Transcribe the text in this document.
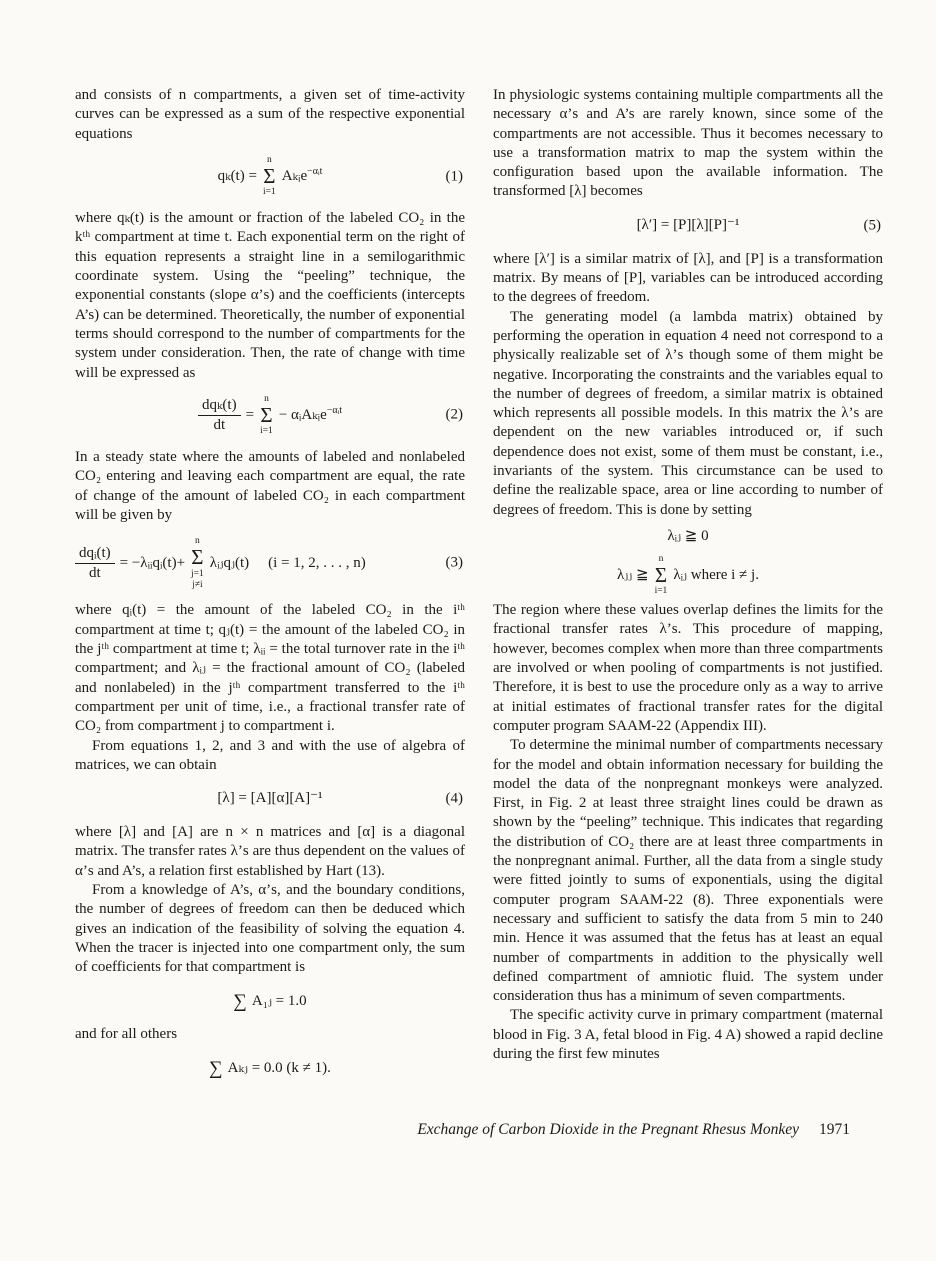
and consists of n compartments, a given set of time-activity curves can be expressed as a sum of the respective exponential equations

qₖ(t) =
n
Σ
i=1
Aₖᵢe$^{-\alpha ᵢt}$	(1)

where qₖ(t) is the amount or fraction of the labeled CO₂ in the kᵗʰ compartment at time t. Each exponential term on the right of this equation represents a straight line in a semilogarithmic coordinate system. Using the “peeling” technique, the exponential constants (slope α’s) and the coefficients (intercepts A’s) can be determined. Theoretically, the number of exponential terms should correspond to the number of compartments for the system under consideration. Then, the rate of change with time will be expressed as

$\frac{\text{dqₖ(t)}}{dt}$ =
n
Σ
i=1
− αᵢAₖᵢe$^{-\alpha ᵢt}$	(2)

In a steady state where the amounts of labeled and nonlabeled CO₂ entering and leaving each compartment are equal, the rate of change of the amount of labeled CO₂ in each compartment will be given by

$\frac{\text{dqᵢ(t)}}{dt}$ = −λᵢᵢqᵢ(t)+
n
Σ
j=1
j≠i
λᵢⱼqⱼ(t) (i = 1, 2, . . . , n)	(3)

where qᵢ(t) = the amount of the labeled CO₂ in the iᵗʰ compartment at time t; qⱼ(t) = the amount of the labeled CO₂ in the jᵗʰ compartment at time t; λᵢᵢ = the total turnover rate in the iᵗʰ compartment; and λᵢⱼ = the fractional amount of CO₂ (labeled and nonlabeled) in the jᵗʰ compartment transferred to the iᵗʰ compartment per unit of time, i.e., a fractional transfer rate of CO₂ from compartment j to compartment i.

From equations 1, 2, and 3 and with the use of algebra of matrices, we can obtain

[λ] = [A][α][A]⁻¹	(4)

where [λ] and [A] are n × n matrices and [α] is a diagonal matrix. The transfer rates λ’s are thus dependent on the values of α’s and A’s, a relation first established by Hart (13).

From a knowledge of A’s, α’s, and the boundary conditions, the number of degrees of freedom can then be deduced which gives an indication of the feasibility of solving the equation 4. When the tracer is injected into one compartment only, the sum of coefficients for that compartment is

∑ A₁ⱼ = 1.0

and for all others

∑ Aₖⱼ = 0.0 (k ≠ 1).

In physiologic systems containing multiple compartments all the necessary α’s and A’s are rarely known, since some of the compartments are not accessible. Thus it becomes necessary to use a transformation matrix to map the system within the configuration based upon the available information. The transformed [λ] becomes

[λ′] = [P][λ][P]⁻¹	(5)

where [λ′] is a similar matrix of [λ], and [P] is a transformation matrix. By means of [P], variables can be introduced according to the degrees of freedom.

The generating model (a lambda matrix) obtained by performing the operation in equation 4 need not correspond to a physically realizable set of λ’s though some of them might be negative. Incorporating the constraints and the variables equal to the number of degrees of freedom, a similar matrix is obtained which represents all possible models. In this matrix the λ’s are dependent on the new variables introduced or, if such dependence does not exist, some of them must be constant, i.e., invariants of the system. This circumstance can be used to define the realizable space, area or line according to number of degrees of freedom. This is done by setting

λᵢⱼ ≧ 0
λⱼⱼ ≧
n
Σ
i=1
λᵢⱼ where i ≠ j.

The region where these values overlap defines the limits for the fractional transfer rates λ’s. This procedure of mapping, however, becomes complex when more than three compartments are involved or when pooling of compartments is not justified. Therefore, it is best to use the procedure only as a way to arrive at initial estimates of fractional transfer rates for the digital computer program SAAM-22 (Appendix III).

To determine the minimal number of compartments necessary for the model and obtain information necessary for building the model the data of the nonpregnant monkeys were analyzed. First, in Fig. 2 at least three straight lines could be drawn as shown by the “peeling” technique. This indicates that regarding the distribution of CO₂ there are at least three compartments in the nonpregnant animal. Further, all the data from a single study were fitted jointly to sums of exponentials, using the digital computer program SAAM-22 (8). Three exponentials were necessary and sufficient to satisfy the data from 5 min to 240 min. Hence it was assumed that the fetus has at least an equal number of compartments in addition to the physically well defined compartment of amniotic fluid. The system under consideration thus has a minimum of seven compartments.

The specific activity curve in primary compartment (maternal blood in Fig. 3 A, fetal blood in Fig. 4 A) showed a rapid decline during the first few minutes

Exchange of Carbon Dioxide in the Pregnant Rhesus Monkey 1971
